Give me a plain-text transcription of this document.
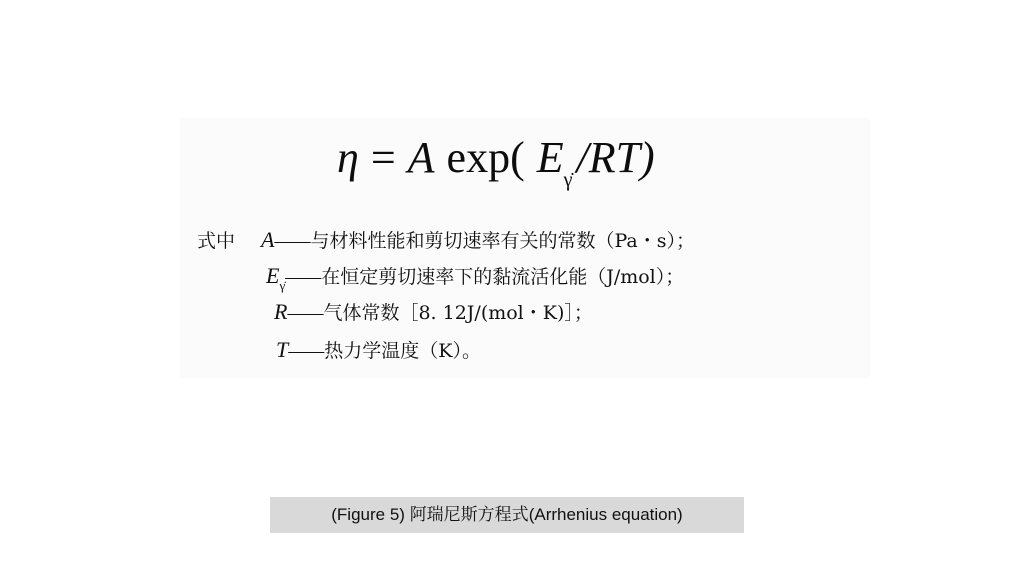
η = A exp( E γ̇ /RT)
式中 A —— 与材料性能和剪切速率有关的常数（Pa・s）；
E γ̇ —— 在恒定剪切速率下的黏流活化能（J/mol）；
R —— 气体常数［8. 12J/(mol・K)］；
T —— 热力学温度（K）。
(Figure 5) 阿瑞尼斯方程式(Arrhenius equation)
